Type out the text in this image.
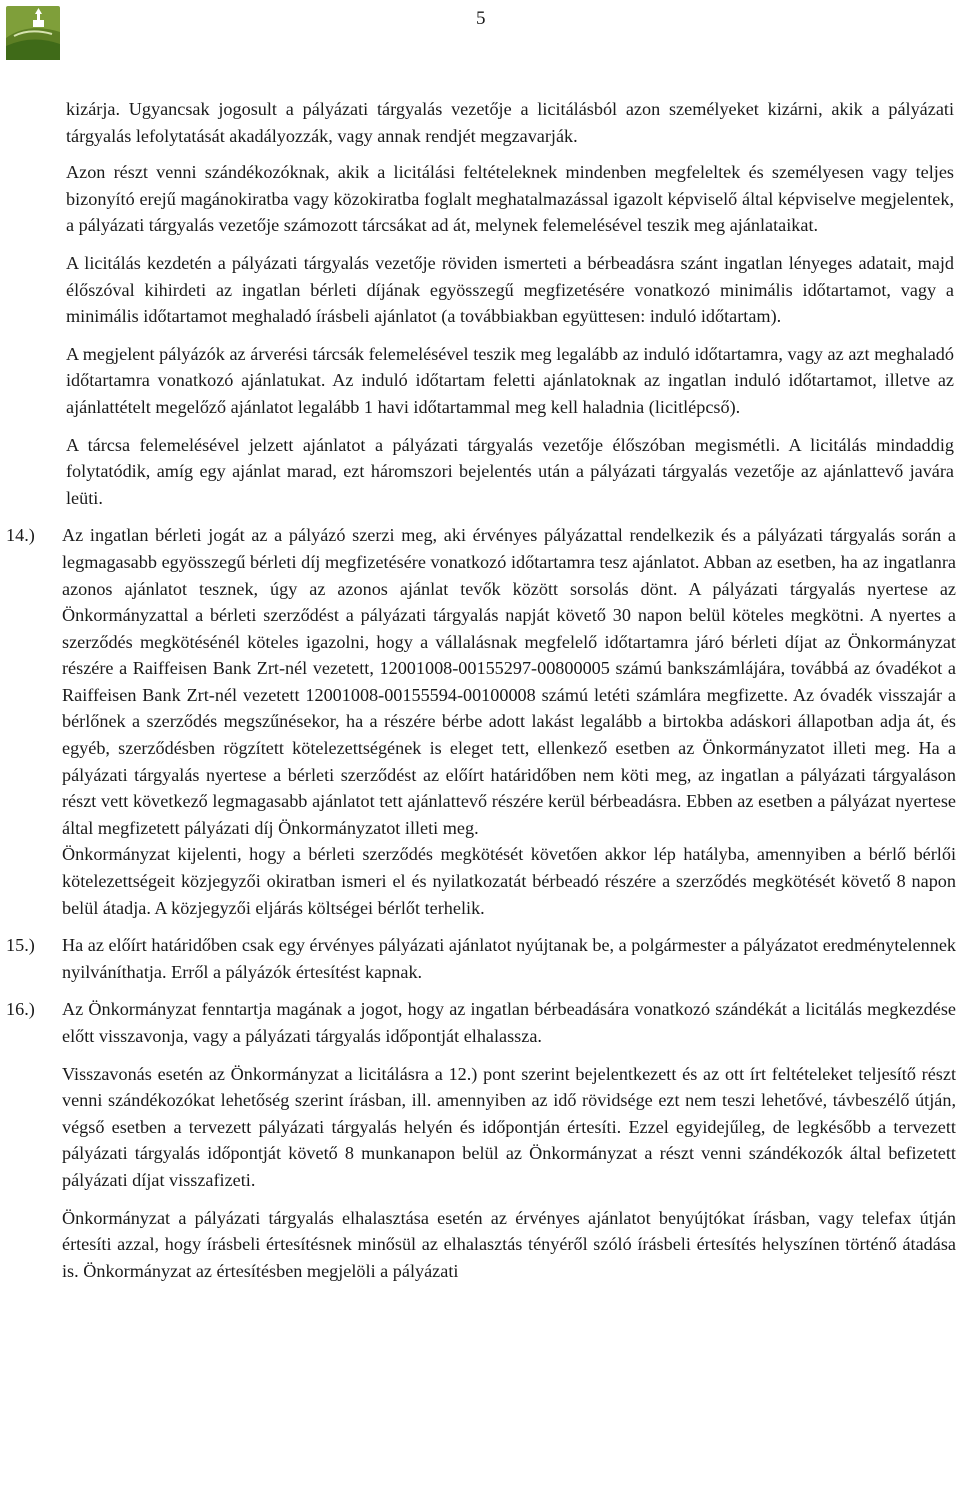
5

kizárja. Ugyancsak jogosult a pályázati tárgyalás vezetője a licitálásból azon személyeket kizárni, akik a pályázati tárgyalás lefolytatását akadályozzák, vagy annak rendjét megzavarják.

Azon részt venni szándékozóknak, akik a licitálási feltételeknek mindenben megfeleltek és személyesen vagy teljes bizonyító erejű magánokiratba vagy közokiratba foglalt meghatalmazással igazolt képviselő által képviselve megjelentek, a pályázati tárgyalás vezetője számozott tárcsákat ad át, melynek felemelésével teszik meg ajánlataikat.

A licitálás kezdetén a pályázati tárgyalás vezetője röviden ismerteti a bérbeadásra szánt ingatlan lényeges adatait, majd élőszóval kihirdeti az ingatlan bérleti díjának egyösszegű megfizetésére vonatkozó minimális időtartamot, vagy a minimális időtartamot meghaladó írásbeli ajánlatot (a továbbiakban együttesen: induló időtartam).

A megjelent pályázók az árverési tárcsák felemelésével teszik meg legalább az induló időtartamra, vagy az azt meghaladó időtartamra vonatkozó ajánlatukat. Az induló időtartam feletti ajánlatoknak az ingatlan induló időtartamot, illetve az ajánlattételt megelőző ajánlatot legalább 1 havi időtartammal meg kell haladnia (licitlépcső).

A tárcsa felemelésével jelzett ajánlatot a pályázati tárgyalás vezetője élőszóban megismétli. A licitálás mindaddig folytatódik, amíg egy ajánlat marad, ezt háromszori bejelentés után a pályázati tárgyalás vezetője az ajánlattevő javára leüti.

14.) Az ingatlan bérleti jogát az a pályázó szerzi meg, aki érvényes pályázattal rendelkezik és a pályázati tárgyalás során a legmagasabb egyösszegű bérleti díj megfizetésére vonatkozó időtartamra tesz ajánlatot. Abban az esetben, ha az ingatlanra azonos ajánlatot tesznek, úgy az azonos ajánlat tevők között sorsolás dönt. A pályázati tárgyalás nyertese az Önkormányzattal a bérleti szerződést a pályázati tárgyalás napját követő 30 napon belül köteles megkötni. A nyertes a szerződés megkötésénél köteles igazolni, hogy a vállalásnak megfelelő időtartamra járó bérleti díjat az Önkormányzat részére a Raiffeisen Bank Zrt-nél vezetett, 12001008-00155297-00800005 számú bankszámlájára, továbbá az óvadékot a Raiffeisen Bank Zrt-nél vezetett 12001008-00155594-00100008 számú letéti számlára megfizette. Az óvadék visszajár a bérlőnek a szerződés megszűnésekor, ha a részére bérbe adott lakást legalább a birtokba adáskori állapotban adja át, és egyéb, szerződésben rögzített kötelezettségének is eleget tett, ellenkező esetben az Önkormányzatot illeti meg. Ha a pályázati tárgyalás nyertese a bérleti szerződést az előírt határidőben nem köti meg, az ingatlan a pályázati tárgyaláson részt vett következő legmagasabb ajánlatot tett ajánlattevő részére kerül bérbeadásra. Ebben az esetben a pályázat nyertese által megfizetett pályázati díj Önkormányzatot illeti meg.
Önkormányzat kijelenti, hogy a bérleti szerződés megkötését követően akkor lép hatályba, amennyiben a bérlő bérlői kötelezettségeit közjegyzői okiratban ismeri el és nyilatkozatát bérbeadó részére a szerződés megkötését követő 8 napon belül átadja. A közjegyzői eljárás költségei bérlőt terhelik.
15.) Ha az előírt határidőben csak egy érvényes pályázati ajánlatot nyújtanak be, a polgármester a pályázatot eredménytelennek nyilváníthatja. Erről a pályázók értesítést kapnak.
16.) Az Önkormányzat fenntartja magának a jogot, hogy az ingatlan bérbeadására vonatkozó szándékát a licitálás megkezdése előtt visszavonja, vagy a pályázati tárgyalás időpontját elhalassza.

Visszavonás esetén az Önkormányzat a licitálásra a 12.) pont szerint bejelentkezett és az ott írt feltételeket teljesítő részt venni szándékozókat lehetőség szerint írásban, ill. amennyiben az idő rövidsége ezt nem teszi lehetővé, távbeszélő útján, végső esetben a tervezett pályázati tárgyalás helyén és időpontján értesíti. Ezzel egyidejűleg, de legkésőbb a tervezett pályázati tárgyalás időpontját követő 8 munkanapon belül az Önkormányzat a részt venni szándékozók által befizetett pályázati díjat visszafizeti.

Önkormányzat a pályázati tárgyalás elhalasztása esetén az érvényes ajánlatot benyújtókat írásban, vagy telefax útján értesíti azzal, hogy írásbeli értesítésnek minősül az elhalasztás tényéről szóló írásbeli értesítés helyszínen történő átadása is. Önkormányzat az értesítésben megjelöli a pályázati
